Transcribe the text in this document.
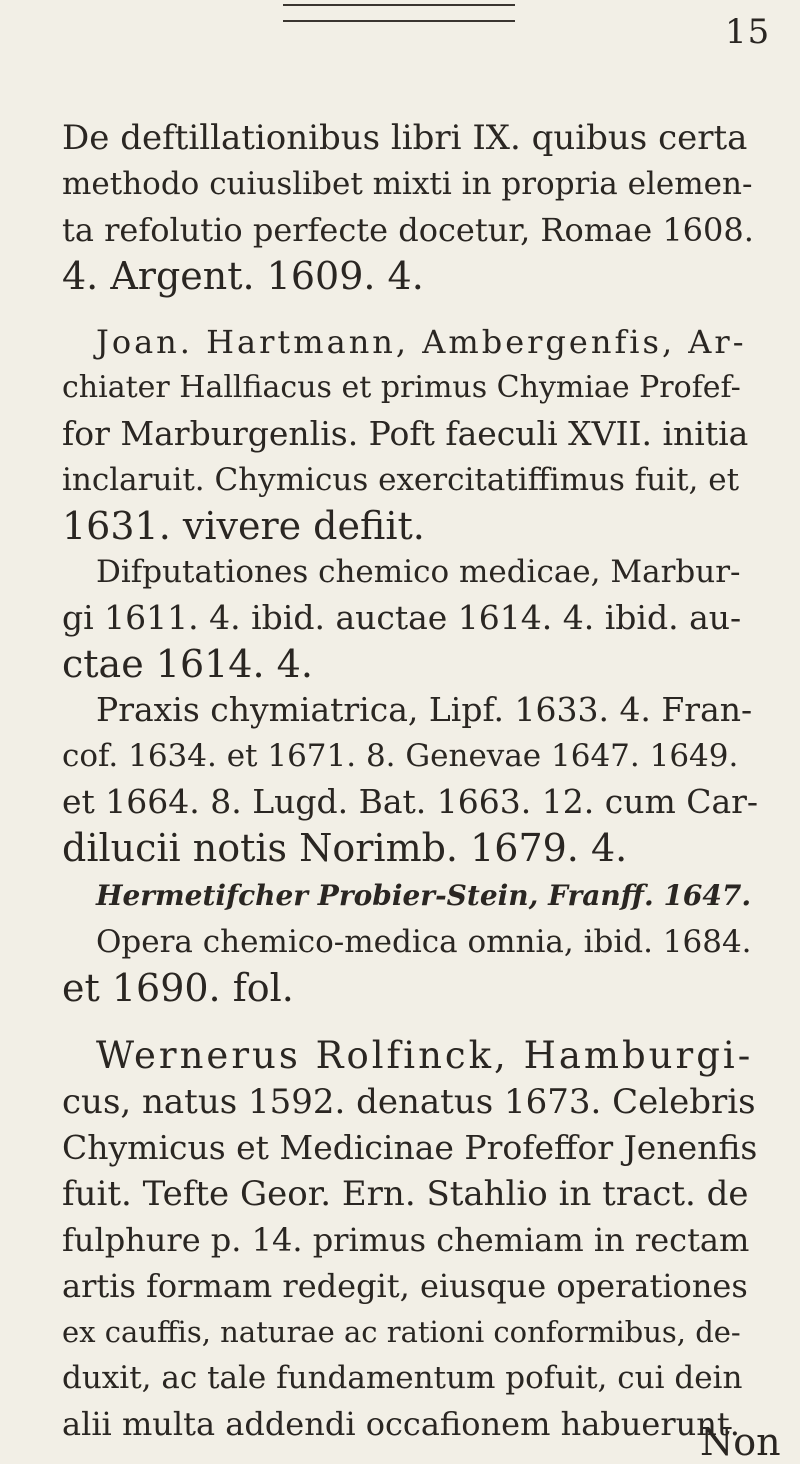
15
De deftillationibus libri IX. quibus certa
methodo cuiuslibet mixti in propria elemen-
ta refolutio perfecte docetur, Romae 1608.
4. Argent. 1609. 4.
Joan. Hartmann, Ambergenfis, Ar-
chiater Hallfiacus et primus Chymiae Profef-
for Marburgenlis. Poft faeculi XVII. initia
inclaruit. Chymicus exercitatiffimus fuit, et
1631. vivere defiit.
Difputationes chemico medicae, Marbur-
gi 1611. 4. ibid. auctae 1614. 4. ibid. au-
ctae 1614. 4.
Praxis chymiatrica, Lipf. 1633. 4. Fran-
cof. 1634. et 1671. 8. Genevae 1647. 1649.
et 1664. 8. Lugd. Bat. 1663. 12. cum Car-
dilucii notis Norimb. 1679. 4.
Hermetifcher Probier-Stein, Franff. 1647.
Opera chemico-medica omnia, ibid. 1684.
et 1690. fol.
Wernerus Rolfinck, Hamburgi-
cus, natus 1592. denatus 1673. Celebris
Chymicus et Medicinae Profeffor Jenenfis
fuit. Tefte Geor. Ern. Stahlio in tract. de
fulphure p. 14. primus chemiam in rectam
artis formam redegit, eiusque operationes
ex cauffis, naturae ac rationi conformibus, de-
duxit, ac tale fundamentum pofuit, cui dein
alii multa addendi occafionem habuerunt.
Non
